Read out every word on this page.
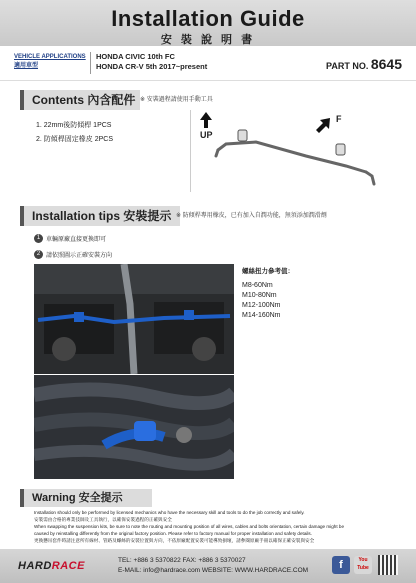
Installation Guide
安 裝 說 明 書
VEHICLE APPLICATIONS
適用車型
HONDA CIVIC 10th FC
HONDA CR-V 5th 2017~present	PART NO. 8645
Contents 內含配件 ※ 安裝過程請使用手動工具
1. 22mm後防傾桿 1PCS
2. 防傾桿固定橡皮 2PCS	UP
F
Installation tips 安裝提示 ※ 防傾桿專用橡皮，已有加入自潤功能，無須添加潤滑劑
1 車輛原廠直接更換即可
2 請依照圖示正確安裝方向
螺絲扭力參考值：
M8-60Nm
M10-80Nm
M12-100Nm
M14-160Nm
Warning 安全提示
Installation should only be performed by licensed mechanics who have the necessary skill and tools to do the job correctly and safely.
安裝需由合格的專業技師及工具執行，以確保安裝過程的正確與安全
When swapping the suspension kits, be sure to note the routing and mounting position of all wires, cables and bolts orientation, certain damage might be
caused by reinstalling differently from the original factory position. Please refer to factory manual for proper installation and safety details.
更換懸吊套件時請注意所有線材、管路及螺絲的安裝位置與方向，不依原廠配置安裝可能導致損壞，請參閱原廠手冊以確保正確安裝與安全
HARDRACE	TEL: +886 3 5370822 FAX: +886 3 5370027
E-MAIL: info@hardrace.com WEBSITE: WWW.HARDRACE.COM	f	You Tube
